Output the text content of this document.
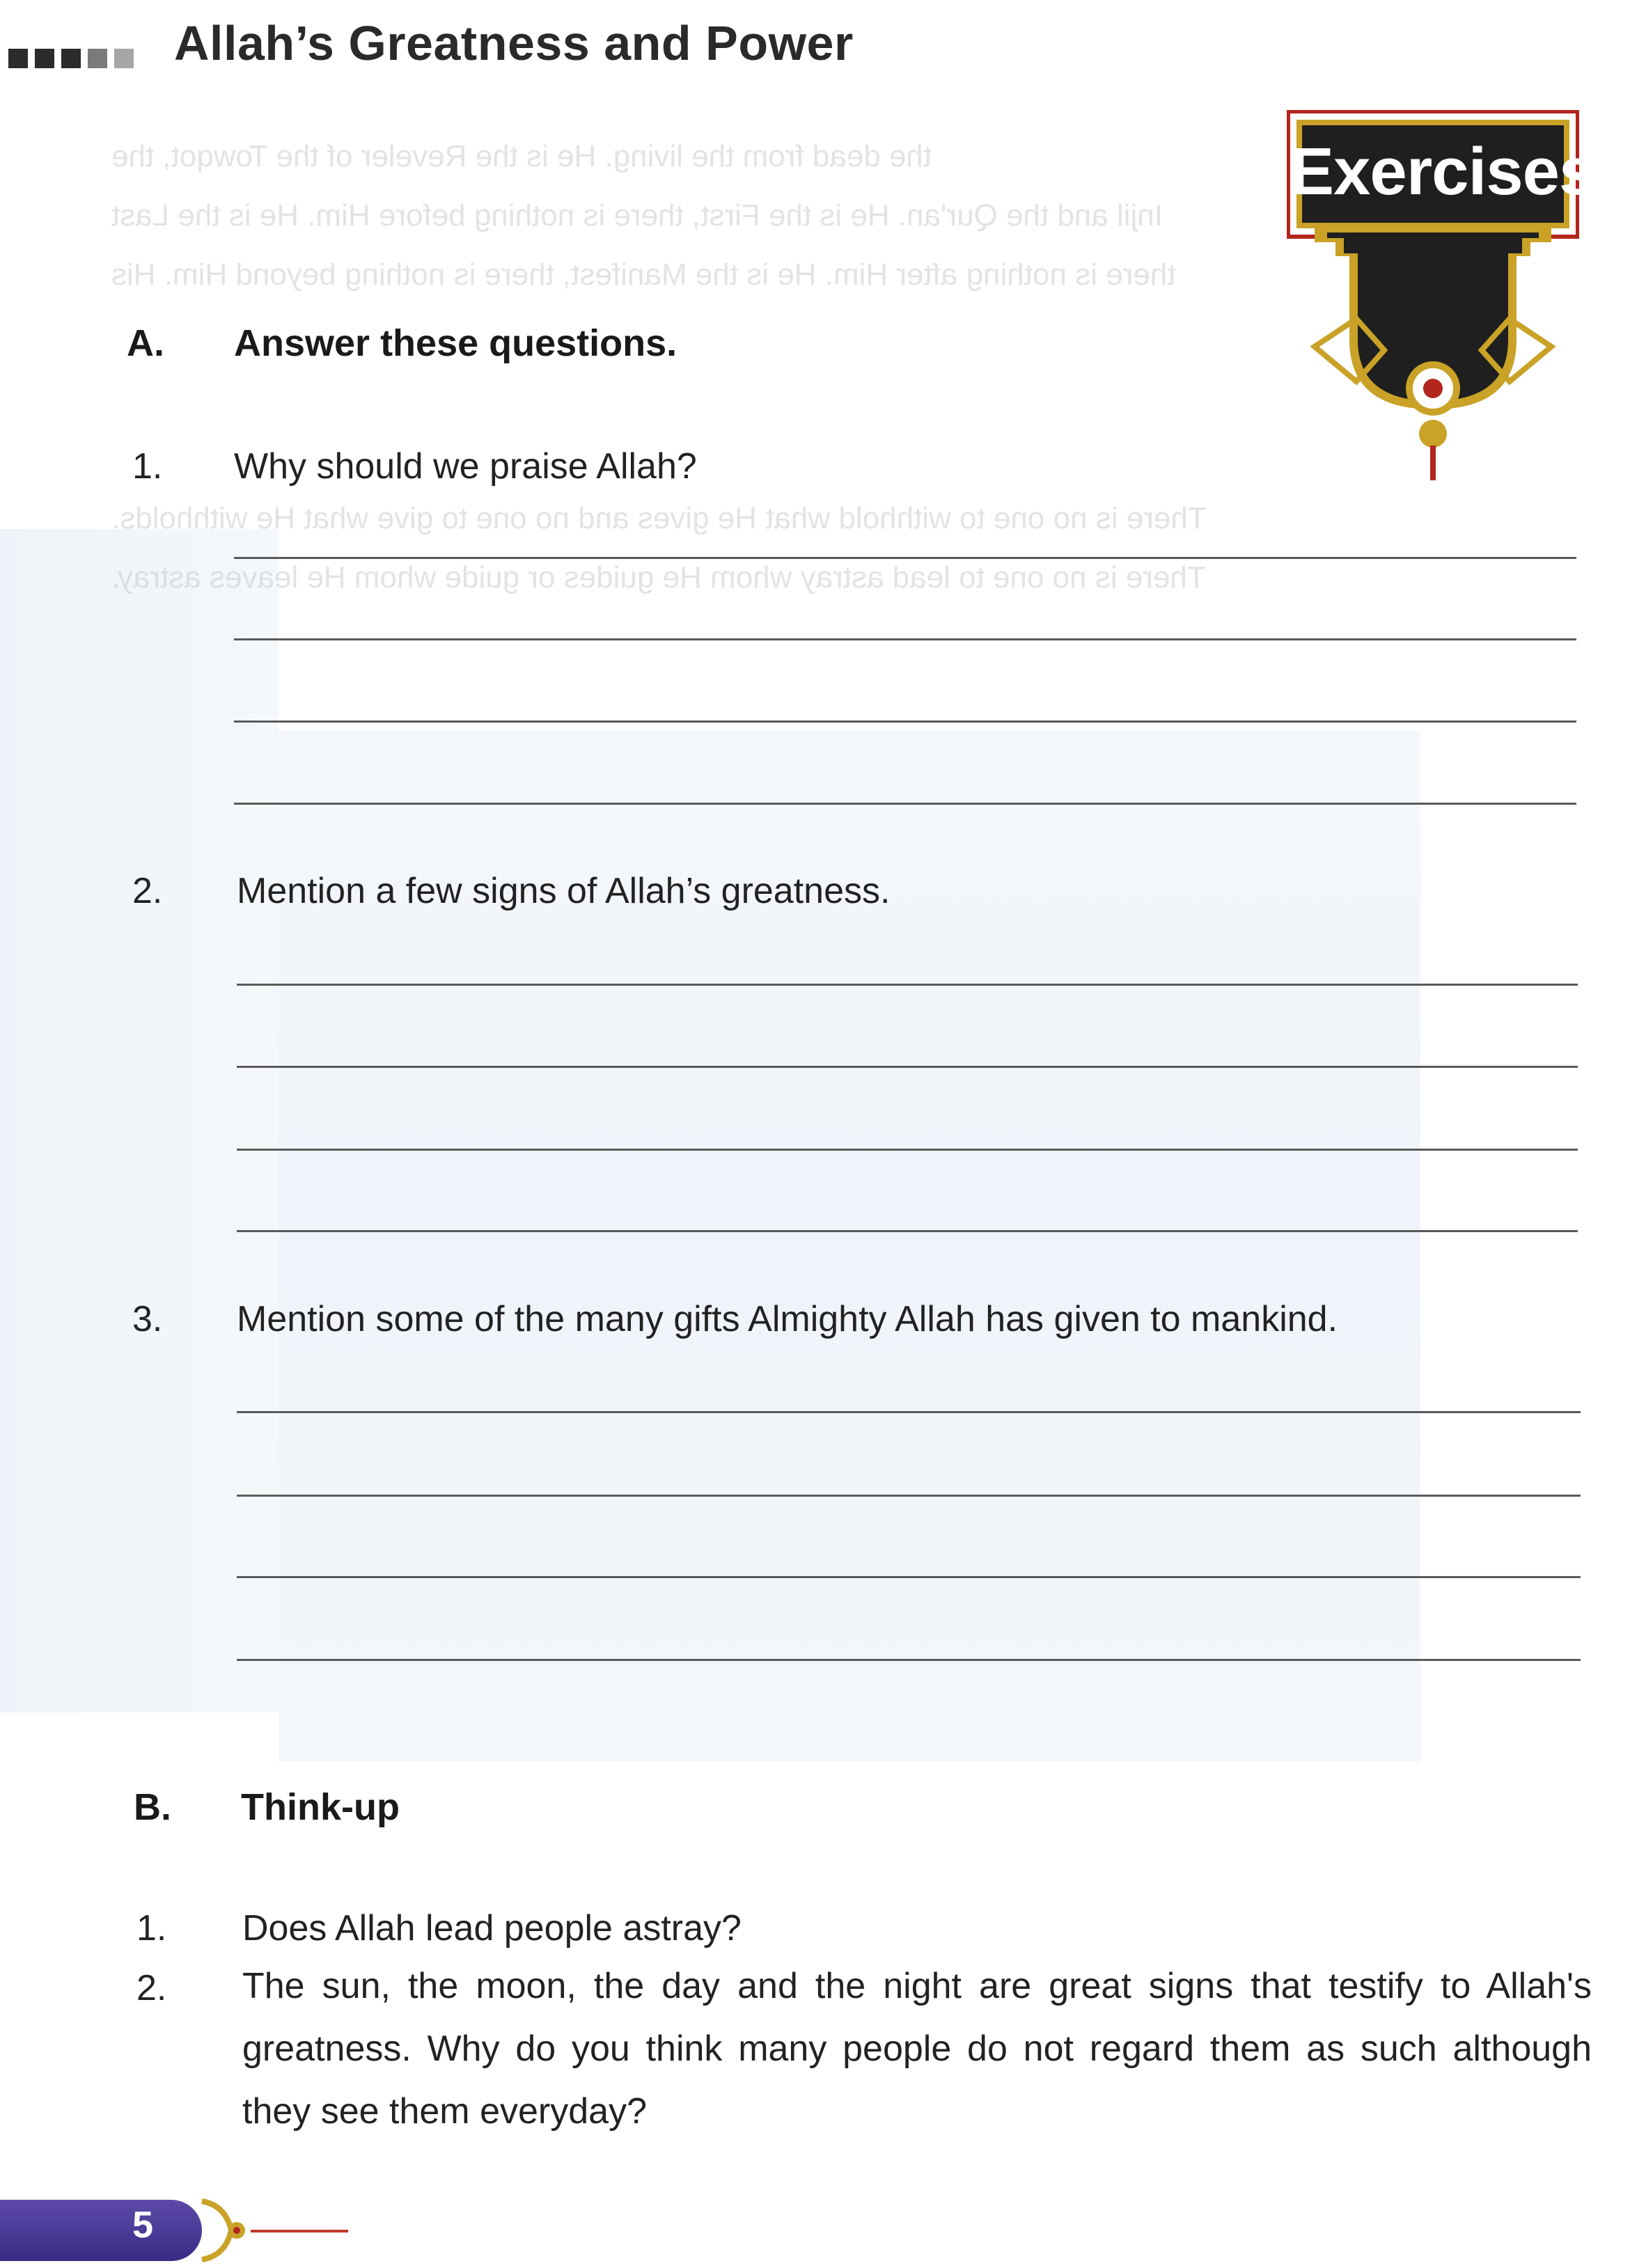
the dead from the living. He is the Reveler of the Towqot, the
Injil and the Qur'an. He is the First, there is nothing before Him. He is the Last
there is nothing after Him. He is the Manifest, there is nothing beyond Him. His
There is no one to withhold what He gives and no one to give what He withholds.
There is no one to lead astray whom He guides or guide whom He leaves astray.
Allah’s Greatness and Power
Exercises
A. Answer these questions.
1. Why should we praise Allah?
2. Mention a few signs of Allah’s greatness.
3. Mention some of the many gifts Almighty Allah has given to mankind.
B. Think-up
1. Does Allah lead people astray?
2. The sun, the moon, the day and the night are great signs that testify to Allah's greatness. Why do you think many people do not regard them as such although they see them everyday?
5
